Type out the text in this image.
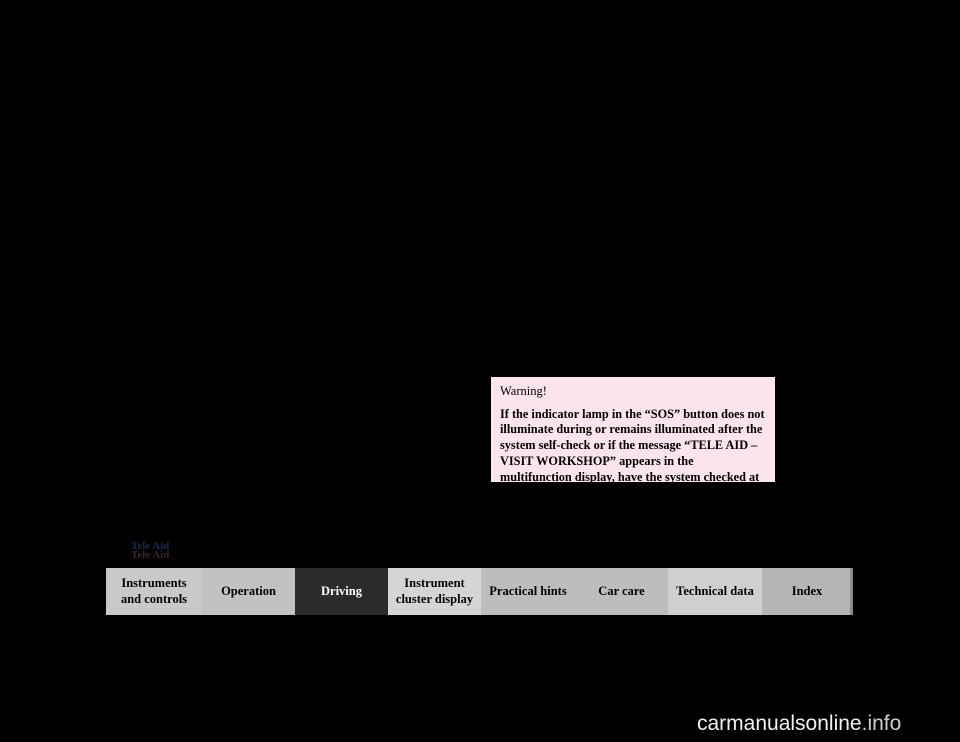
Warning!
If the indicator lamp in the “SOS” button does not illuminate during or remains illuminated after the system self-check or if the message “TELE AID – VISIT WORKSHOP” appears in the multifunction display, have the system checked at the nearest Mercedes-Benz Center as soon as possible.
Tele Aid
Tele Aid
Instruments and controls
Operation	Driving
Instrument cluster display
Practical hints	Car care	Technical data	Index
carmanualsonline.info
